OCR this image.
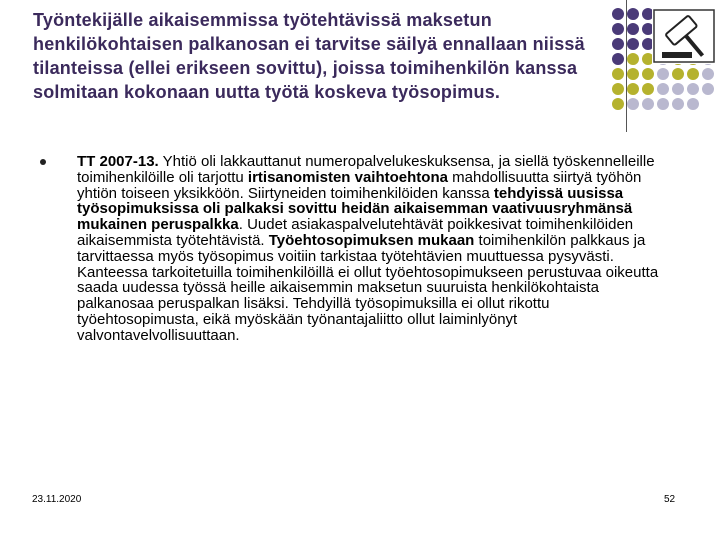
Työntekijälle aikaisemmissa työtehtävissä maksetun henkilökohtaisen palkanosan ei tarvitse säilyä ennallaan niissä tilanteissa (ellei erikseen sovittu), joissa toimihenkilön kanssa solmitaan kokonaan uutta työtä koskeva työsopimus.
TT 2007-13. Yhtiö oli lakkauttanut numeropalvelukeskuksensa, ja siellä työskennelleille toimihenkilöille oli tarjottu irtisanomisten vaihtoehtona mahdollisuutta siirtyä työhön yhtiön toiseen yksikköön. Siirtyneiden toimihenkilöiden kanssa tehdyissä uusissa työsopimuksissa oli palkaksi sovittu heidän aikaisemman vaativuusryhmänsä mukainen peruspalkka. Uudet asiakaspalvelutehtävät poikkesivat toimihenkilöiden aikaisemmista työtehtävistä. Työehtosopimuksen mukaan toimihenkilön palkkaus ja tarvittaessa myös työsopimus voitiin tarkistaa työtehtävien muuttuessa pysyvästi. Kanteessa tarkoitetuilla toimihenkilöillä ei ollut työehtosopimukseen perustuvaa oikeutta saada uudessa työssä heille aikaisemmin maksetun suuruista henkilökohtaista palkanosaa peruspalkan lisäksi. Tehdyillä työsopimuksilla ei ollut rikottu työehtosopimusta, eikä myöskään työnantajaliitto ollut laiminlyönyt valvontavelvollisuuttaan.
23.11.2020	52
